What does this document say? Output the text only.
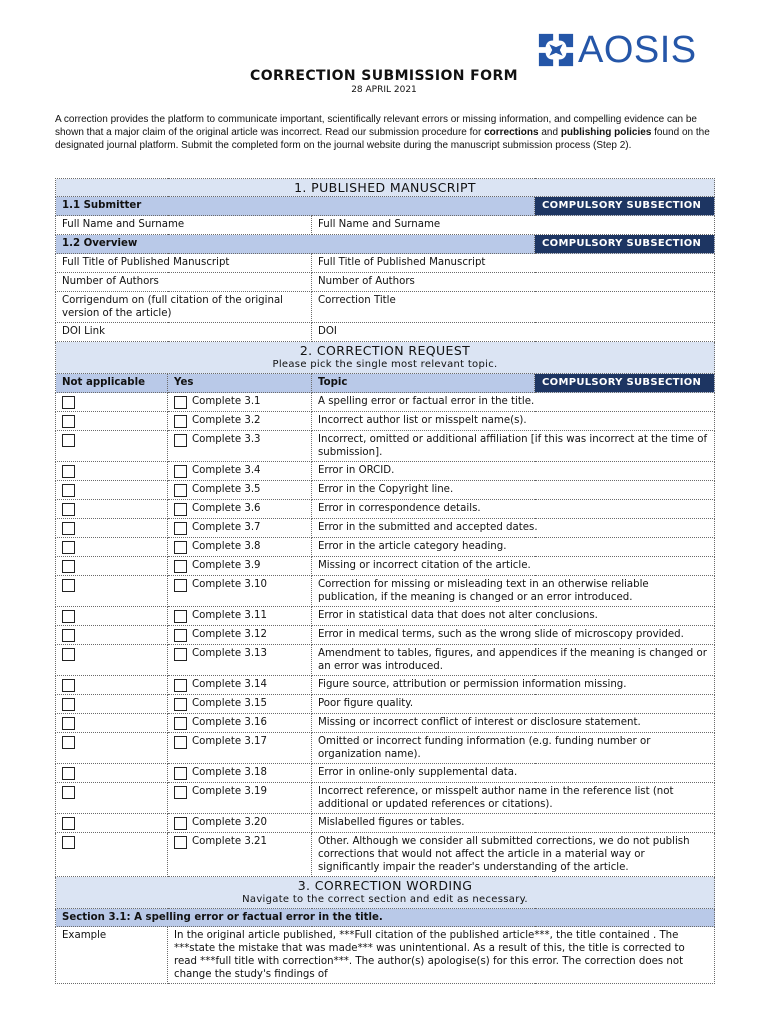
AOSIS
CORRECTION SUBMISSION FORM
28 APRIL 2021
A correction provides the platform to communicate important, scientifically relevant errors or missing information, and compelling evidence can be shown that a major claim of the original article was incorrect. Read our submission procedure for corrections and publishing policies found on the designated journal platform. Submit the completed form on the journal website during the manuscript submission process (Step 2).
1. PUBLISHED MANUSCRIPT			
1.1 Submitter			COMPULSORY SUBSECTION

Full Name and Surname		Full Name and Surname	
1.2 Overview			COMPULSORY SUBSECTION

Full Title of Published Manuscript		Full Title of Published Manuscript	
Number of Authors		Number of Authors	
Corrigendum on (full citation of the original version of the article)		Correction Title	
DOI Link		DOI	
2. CORRECTION REQUEST
Please pick the single most relevant topic.			

Not applicable	Yes	Topic	COMPULSORY SUBSECTION

	Complete 3.1	A spelling error or factual error in the title.	
	Complete 3.2	Incorrect author list or misspelt name(s).	
	Complete 3.3	Incorrect, omitted or additional affiliation [if this was incorrect at the time of submission].	
	Complete 3.4	Error in ORCID.	
	Complete 3.5	Error in the Copyright line.	
	Complete 3.6	Error in correspondence details.	
	Complete 3.7	Error in the submitted and accepted dates.	
	Complete 3.8	Error in the article category heading.	
	Complete 3.9	Missing or incorrect citation of the article.	
	Complete 3.10	Correction for missing or misleading text in an otherwise reliable publication, if the meaning is changed or an error introduced.	
	Complete 3.11	Error in statistical data that does not alter conclusions.	
	Complete 3.12	Error in medical terms, such as the wrong slide of microscopy provided.	
	Complete 3.13	Amendment to tables, figures, and appendices if the meaning is changed or an error was introduced.	
	Complete 3.14	Figure source, attribution or permission information missing.	
	Complete 3.15	Poor figure quality.	
	Complete 3.16	Missing or incorrect conflict of interest or disclosure statement.	
	Complete 3.17	Omitted or incorrect funding information (e.g. funding number or organization name).	
	Complete 3.18	Error in online-only supplemental data.	
	Complete 3.19	Incorrect reference, or misspelt author name in the reference list (not additional or updated references or citations).	
	Complete 3.20	Mislabelled figures or tables.	
	Complete 3.21	Other. Although we consider all submitted corrections, we do not publish corrections that would not affect the article in a material way or significantly impair the reader's understanding of the article.	
3. CORRECTION WORDING
Navigate to the correct section and edit as necessary.			

Section 3.1: A spelling error or factual error in the title.			
Example	In the original article published, ***Full citation of the published article***, the title contained . The ***state the mistake that was made*** was unintentional. As a result of this, the title is corrected to read ***full title with correction***. The author(s) apologise(s) for this error. The correction does not change the study's findings of		
